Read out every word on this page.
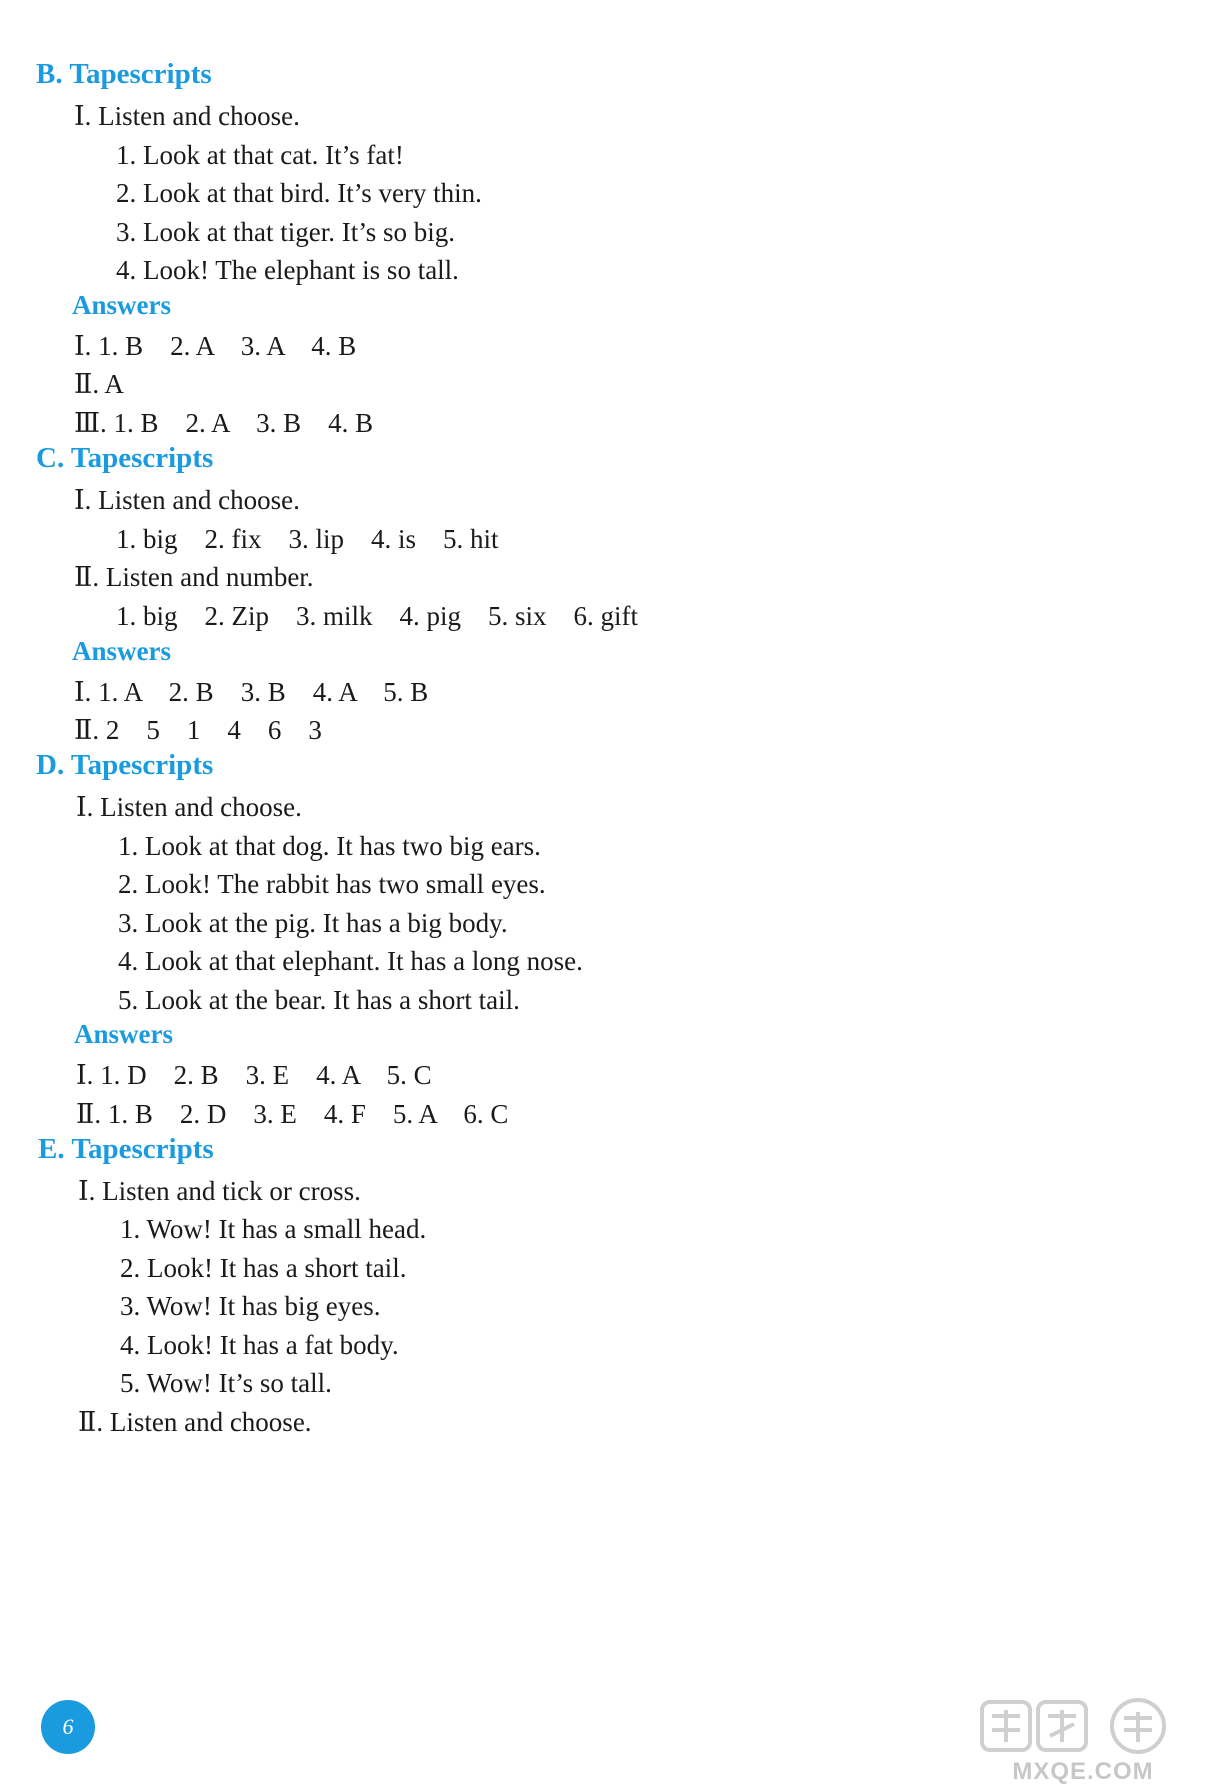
B. Tapescripts
Ⅰ. Listen and choose.
1. Look at that cat. It’s fat!
2. Look at that bird. It’s very thin.
3. Look at that tiger. It’s so big.
4. Look! The elephant is so tall.
Answers
Ⅰ. 1. B    2. A    3. A    4. B
Ⅱ. A
Ⅲ. 1. B    2. A    3. B    4. B
C. Tapescripts
Ⅰ. Listen and choose.
1. big    2. fix    3. lip    4. is    5. hit
Ⅱ. Listen and number.
1. big    2. Zip    3. milk    4. pig    5. six    6. gift
Answers
Ⅰ. 1. A    2. B    3. B    4. A    5. B
Ⅱ. 2    5    1    4    6    3
D. Tapescripts
Ⅰ. Listen and choose.
1. Look at that dog. It has two big ears.
2. Look! The rabbit has two small eyes.
3. Look at the pig. It has a big body.
4. Look at that elephant. It has a long nose.
5. Look at the bear. It has a short tail.
Answers
Ⅰ. 1. D    2. B    3. E    4. A    5. C
Ⅱ. 1. B    2. D    3. E    4. F    5. A    6. C
E. Tapescripts
Ⅰ. Listen and tick or cross.
1. Wow! It has a small head.
2. Look! It has a short tail.
3. Wow! It has big eyes.
4. Look! It has a fat body.
5. Wow! It’s so tall.
Ⅱ. Listen and choose.
6
MXQE.COM
